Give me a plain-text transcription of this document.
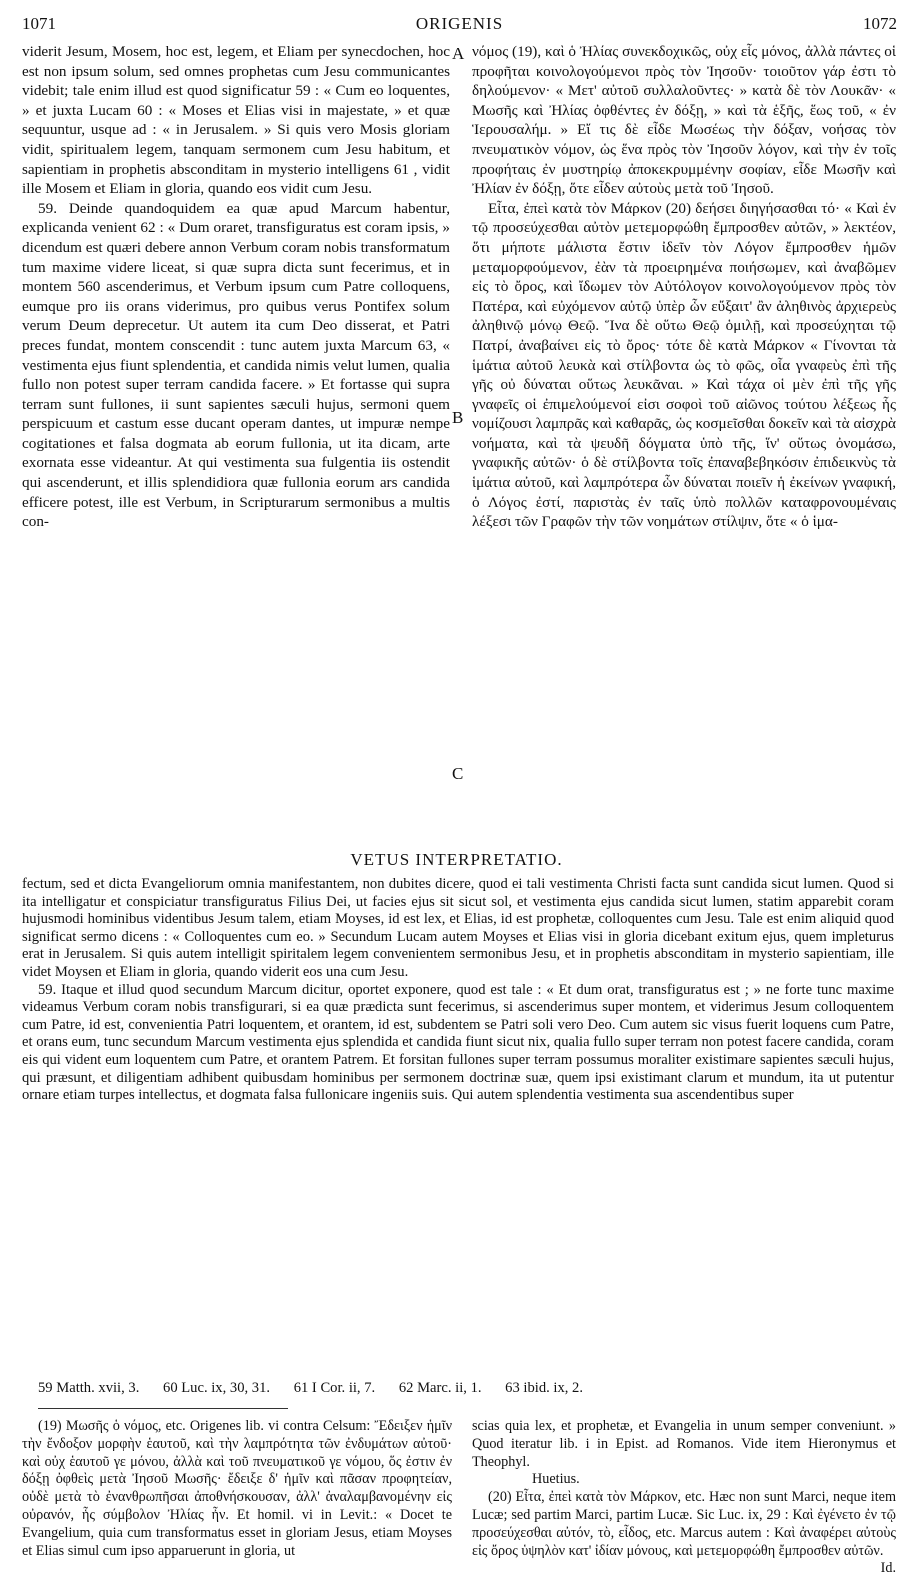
1071	ORIGENIS	1072
A
B
C

viderit Jesum, Mosem, hoc est, legem, et Eliam per synecdochen, hoc est non ipsum solum, sed omnes prophetas cum Jesu communicantes videbit; tale enim illud est quod significatur 59 : « Cum eo loquentes, » et juxta Lucam 60 : « Moses et Elias visi in majestate, » et quæ sequuntur, usque ad : « in Jerusalem. » Si quis vero Mosis gloriam vidit, spiritualem legem, tanquam sermonem cum Jesu habitum, et sapientiam in prophetis absconditam in mysterio intelligens 61 , vidit ille Mosem et Eliam in gloria, quando eos vidit cum Jesu.

59. Deinde quandoquidem ea quæ apud Marcum habentur, explicanda venient 62 : « Dum oraret, transfiguratus est coram ipsis, » dicendum est quæri debere annon Verbum coram nobis transformatum tum maxime videre liceat, si quæ supra dicta sunt fecerimus, et in montem 560 ascenderimus, et Verbum ipsum cum Patre colloquens, eumque pro iis orans viderimus, pro quibus verus Pontifex solum verum Deum deprecetur. Ut autem ita cum Deo disserat, et Patri preces fundat, montem conscendit : tunc autem juxta Marcum 63, « vestimenta ejus fiunt splendentia, et candida nimis velut lumen, qualia fullo non potest super terram candida facere. » Et fortasse qui supra terram sunt fullones, ii sunt sapientes sæculi hujus, sermoni quem perspicuum et castum esse ducant operam dantes, ut impuræ nempe cogitationes et falsa dogmata ab eorum fullonia, ut ita dicam, arte exornata esse videantur. At qui vestimenta sua fulgentia iis ostendit qui ascenderunt, et illis splendidiora quæ fullonia eorum ars candida efficere potest, ille est Verbum, in Scripturarum sermonibus a multis con-

νόμος (19), καὶ ὁ Ἠλίας συνεκδοχικῶς, οὐχ εἷς μόνος, ἀλλὰ πάντες οἱ προφῆται κοινολογούμενοι πρὸς τὸν Ἰησοῦν· τοιοῦτον γάρ ἐστι τὸ δηλούμενον· « Μετ' αὐτοῦ συλλαλοῦντες· » κατὰ δὲ τὸν Λουκᾶν· « Μωσῆς καὶ Ἠλίας ὀφθέντες ἐν δόξῃ, » καὶ τὰ ἑξῆς, ἕως τοῦ, « ἐν Ἱερουσαλήμ. » Εἴ τις δὲ εἶδε Μωσέως τὴν δόξαν, νοήσας τὸν πνευματικὸν νόμον, ὡς ἕνα πρὸς τὸν Ἰησοῦν λόγον, καὶ τὴν ἐν τοῖς προφήταις ἐν μυστηρίῳ ἀποκεκρυμμένην σοφίαν, εἶδε Μωσῆν καὶ Ἠλίαν ἐν δόξῃ, ὅτε εἶδεν αὐτοὺς μετὰ τοῦ Ἰησοῦ.

Εἶτα, ἐπεὶ κατὰ τὸν Μάρκον (20) δεήσει διηγήσασθαι τό· « Καὶ ἐν τῷ προσεύχεσθαι αὐτὸν μετεμορφώθη ἔμπροσθεν αὐτῶν, » λεκτέον, ὅτι μήποτε μάλιστα ἔστιν ἰδεῖν τὸν Λόγον ἔμπροσθεν ἡμῶν μεταμορφούμενον, ἐὰν τὰ προειρημένα ποιήσωμεν, καὶ ἀναβῶμεν εἰς τὸ ὄρος, καὶ ἴδωμεν τὸν Αὐτόλογον κοινολογούμενον πρὸς τὸν Πατέρα, καὶ εὐχόμενον αὐτῷ ὑπὲρ ὧν εὔξαιτ' ἂν ἀληθινὸς ἀρχιερεὺς ἀληθινῷ μόνῳ Θεῷ. Ἵνα δὲ οὕτω Θεῷ ὁμιλῇ, καὶ προσεύχηται τῷ Πατρί, ἀναβαίνει εἰς τὸ ὄρος· τότε δὲ κατὰ Μάρκον « Γίνονται τὰ ἱμάτια αὐτοῦ λευκὰ καὶ στίλβοντα ὡς τὸ φῶς, οἷα γναφεὺς ἐπὶ τῆς γῆς οὐ δύναται οὕτως λευκᾶναι. » Καὶ τάχα οἱ μὲν ἐπὶ τῆς γῆς γναφεῖς οἱ ἐπιμελούμενοί εἰσι σοφοὶ τοῦ αἰῶνος τούτου λέξεως ἧς νομίζουσι λαμπρᾶς καὶ καθαρᾶς, ὡς κοσμεῖσθαι δοκεῖν καὶ τὰ αἰσχρὰ νοήματα, καὶ τὰ ψευδῆ δόγματα ὑπὸ τῆς, ἵν' οὕτως ὀνομάσω, γναφικῆς αὐτῶν· ὁ δὲ στίλβοντα τοῖς ἐπαναβεβηκόσιν ἐπιδεικνὺς τὰ ἱμάτια αὐτοῦ, καὶ λαμπρότερα ὧν δύναται ποιεῖν ἡ ἐκείνων γναφική, ὁ Λόγος ἐστί, παριστὰς ἐν ταῖς ὑπὸ πολλῶν καταφρονουμέναις λέξεσι τῶν Γραφῶν τὴν τῶν νοημάτων στίλψιν, ὅτε « ὁ ἱμα-

VETUS INTERPRETATIO.

fectum, sed et dicta Evangeliorum omnia manifestantem, non dubites dicere, quod ei tali vestimenta Christi facta sunt candida sicut lumen. Quod si ita intelligatur et conspiciatur transfiguratus Filius Dei, ut facies ejus sit sicut sol, et vestimenta ejus candida sicut lumen, statim apparebit coram hujusmodi hominibus videntibus Jesum talem, etiam Moyses, id est lex, et Elias, id est prophetæ, colloquentes cum Jesu. Tale est enim aliquid quod significat sermo dicens : « Colloquentes cum eo. » Secundum Lucam autem Moyses et Elias visi in gloria dicebant exitum ejus, quem impleturus erat in Jerusalem. Si quis autem intelligit spiritalem legem convenientem sermonibus Jesu, et in prophetis absconditam in mysterio sapientiam, ille videt Moysen et Eliam in gloria, quando viderit eos una cum Jesu.

59. Itaque et illud quod secundum Marcum dicitur, oportet exponere, quod est tale : « Et dum orat, transfiguratus est ; » ne forte tunc maxime videamus Verbum coram nobis transfigurari, si ea quæ prædicta sunt fecerimus, si ascenderimus super montem, et viderimus Jesum colloquentem cum Patre, id est, convenientia Patri loquentem, et orantem, id est, subdentem se Patri soli vero Deo. Cum autem sic visus fuerit loquens cum Patre, et orans eum, tunc secundum Marcum vestimenta ejus splendida et candida fiunt sicut nix, qualia fullo super terram non potest facere candida, coram eis qui vident eum loquentem cum Patre, et orantem Patrem. Et forsitan fullones super terram possumus moraliter existimare sapientes sæculi hujus, qui præsunt, et diligentiam adhibent quibusdam hominibus per sermonem doctrinæ suæ, quem ipsi existimant clarum et mundum, ita ut putentur ornare etiam turpes intellectus, et dogmata falsa fullonicare ingeniis suis. Qui autem splendentia vestimenta sua ascendentibus super

59 Matth. xvii, 3. 60 Luc. ix, 30, 31. 61 I Cor. ii, 7. 62 Marc. ii, 1. 63 ibid. ix, 2.

(19) Μωσῆς ὁ νόμος, etc. Origenes lib. vi contra Celsum: Ἔδειξεν ἡμῖν τὴν ἔνδοξον μορφὴν ἑαυτοῦ, καὶ τὴν λαμπρότητα τῶν ἐνδυμάτων αὐτοῦ· καὶ οὐχ ἑαυτοῦ γε μόνου, ἀλλὰ καὶ τοῦ πνευματικοῦ γε νόμου, ὅς ἐστιν ἐν δόξῃ ὀφθεὶς μετὰ Ἰησοῦ Μωσῆς· ἔδειξε δ' ἡμῖν καὶ πᾶσαν προφητείαν, οὐδὲ μετὰ τὸ ἐνανθρωπῆσαι ἀποθνήσκουσαν, ἀλλ' ἀναλαμβανομένην εἰς οὐρανόν, ἧς σύμβολον Ἠλίας ἦν. Et homil. vi in Levit.: « Docet te Evangelium, quia cum transformatus esset in gloriam Jesus, etiam Moyses et Elias simul cum ipso apparuerunt in gloria, ut

scias quia lex, et prophetæ, et Evangelia in unum semper conveniunt. » Quod iteratur lib. i in Epist. ad Romanos. Vide item Hieronymus et Theophyl.

Huetius.

(20) Εἶτα, ἐπεὶ κατὰ τὸν Μάρκον, etc. Hæc non sunt Marci, neque item Lucæ; sed partim Marci, partim Lucæ. Sic Luc. ix, 29 : Καὶ ἐγένετο ἐν τῷ προσεύχεσθαι αὐτόν, τὸ, εἶδος, etc. Marcus autem : Καὶ ἀναφέρει αὐτοὺς εἰς ὄρος ὑψηλὸν κατ' ἰδίαν μόνους, καὶ μετεμορφώθη ἔμπροσθεν αὐτῶν.

Id.
